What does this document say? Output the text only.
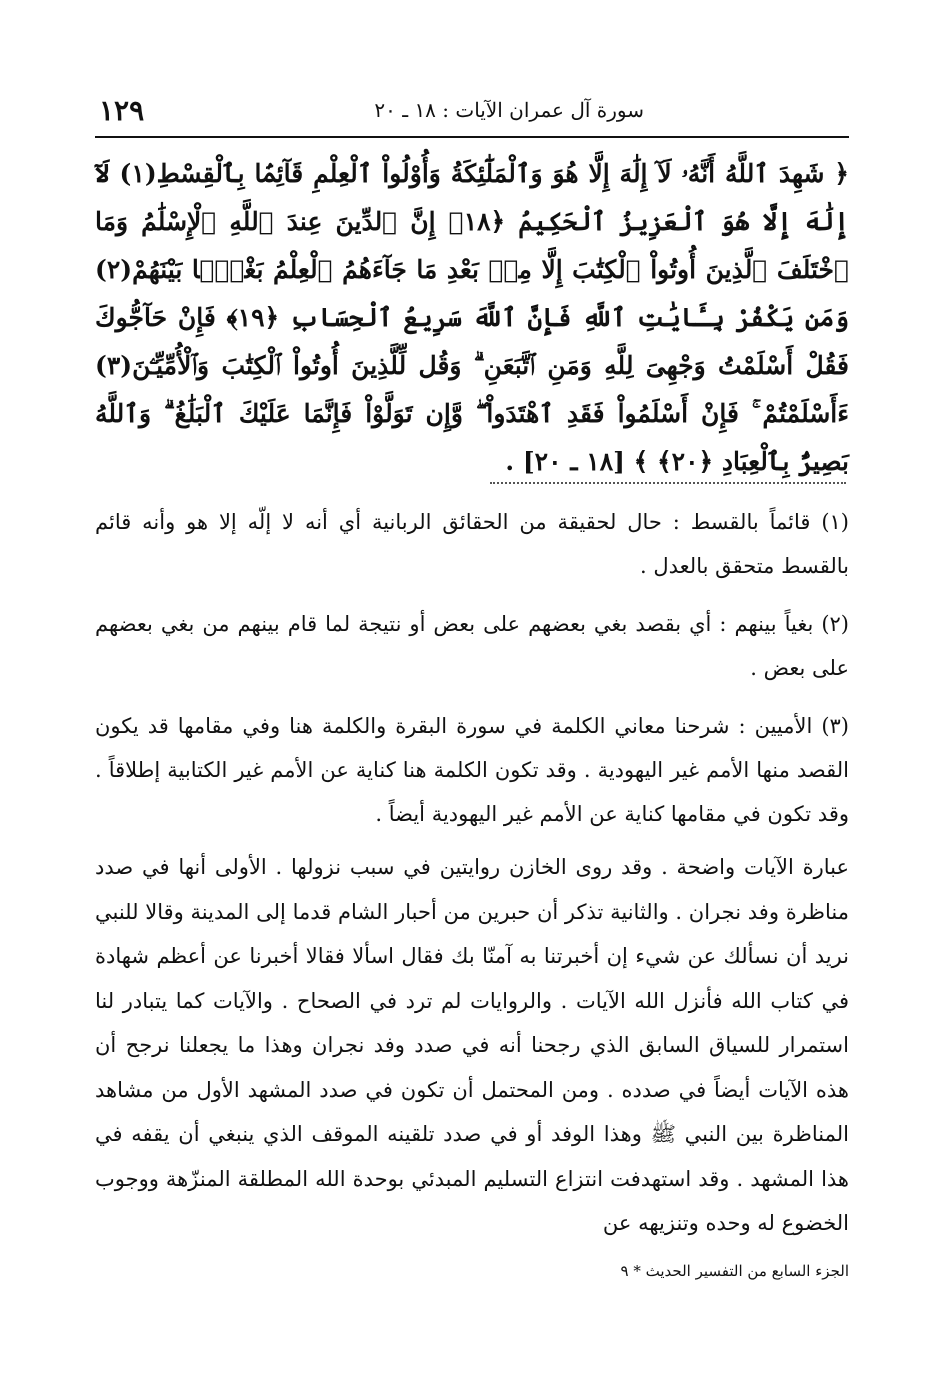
١٢٩	سورة آل عمران الآيات : ١٨ ـ ٢٠
﴿ شَهِدَ ٱللَّهُ أَنَّهُۥ لَآ إِلَٰهَ إِلَّا هُوَ وَٱلْمَلَٰٓئِكَةُ وَأُوْلُواْ ٱلْعِلْمِ قَآئِمَۢا بِٱلْقِسْطِ(١) لَآ إِلَٰهَ إِلَّا هُوَ ٱلْعَزِيزُ ٱلْحَكِيمُ ﴿١٨﴾ إِنَّ ٱلدِّينَ عِندَ ٱللَّهِ ٱلْإِسْلَٰمُ وَمَا ٱخْتَلَفَ ٱلَّذِينَ أُوتُواْ ٱلْكِتَٰبَ إِلَّا مِنۢ بَعْدِ مَا جَآءَهُمُ ٱلْعِلْمُ بَغْيَۢا بَيْنَهُمْ(٢) وَمَن يَكْفُرْ بِـَٔايَٰتِ ٱللَّهِ فَإِنَّ ٱللَّهَ سَرِيعُ ٱلْحِسَابِ ﴿١٩﴾ فَإِنْ حَآجُّوكَ فَقُلْ أَسْلَمْتُ وَجْهِىَ لِلَّهِ وَمَنِ ٱتَّبَعَنِ ۗ وَقُل لِّلَّذِينَ أُوتُواْ ٱلْكِتَٰبَ وَٱلْأُمِّيِّـۧنَ(٣) ءَأَسْلَمْتُمْ ۚ فَإِنْ أَسْلَمُواْ فَقَدِ ٱهْتَدَواْ ۖ وَّإِن تَوَلَّوْاْ فَإِنَّمَا عَلَيْكَ ٱلْبَلَٰغُ ۗ وَٱللَّهُ بَصِيرٌۢ بِٱلْعِبَادِ ﴿٢٠﴾ ﴾ [١٨ ـ ٢٠] .

(١) قائماً بالقسط : حال لحقيقة من الحقائق الربانية أي أنه لا إلّه إلا هو وأنه قائم بالقسط متحقق بالعدل .

(٢) بغياً بينهم : أي بقصد بغي بعضهم على بعض أو نتيجة لما قام بينهم من بغي بعضهم على بعض .

(٣) الأميين : شرحنا معاني الكلمة في سورة البقرة والكلمة هنا وفي مقامها قد يكون القصد منها الأمم غير اليهودية . وقد تكون الكلمة هنا كناية عن الأمم غير الكتابية إطلاقاً . وقد تكون في مقامها كناية عن الأمم غير اليهودية أيضاً .

عبارة الآيات واضحة . وقد روى الخازن روايتين في سبب نزولها . الأولى أنها في صدد مناظرة وفد نجران . والثانية تذكر أن حبرين من أحبار الشام قدما إلى المدينة وقالا للنبي نريد أن نسألك عن شيء إن أخبرتنا به آمنّا بك فقال اسألا فقالا أخبرنا عن أعظم شهادة في كتاب الله فأنزل الله الآيات . والروايات لم ترد في الصحاح . والآيات كما يتبادر لنا استمرار للسياق السابق الذي رجحنا أنه في صدد وفد نجران وهذا ما يجعلنا نرجح أن هذه الآيات أيضاً في صدده . ومن المحتمل أن تكون في صدد المشهد الأول من مشاهد المناظرة بين النبي ﷺ وهذا الوفد أو في صدد تلقينه الموقف الذي ينبغي أن يقفه في هذا المشهد . وقد استهدفت انتزاع التسليم المبدئي بوحدة الله المطلقة المنزّهة ووجوب الخضوع له وحده وتنزيهه عن
الجزء السابع من التفسير الحديث * ٩
